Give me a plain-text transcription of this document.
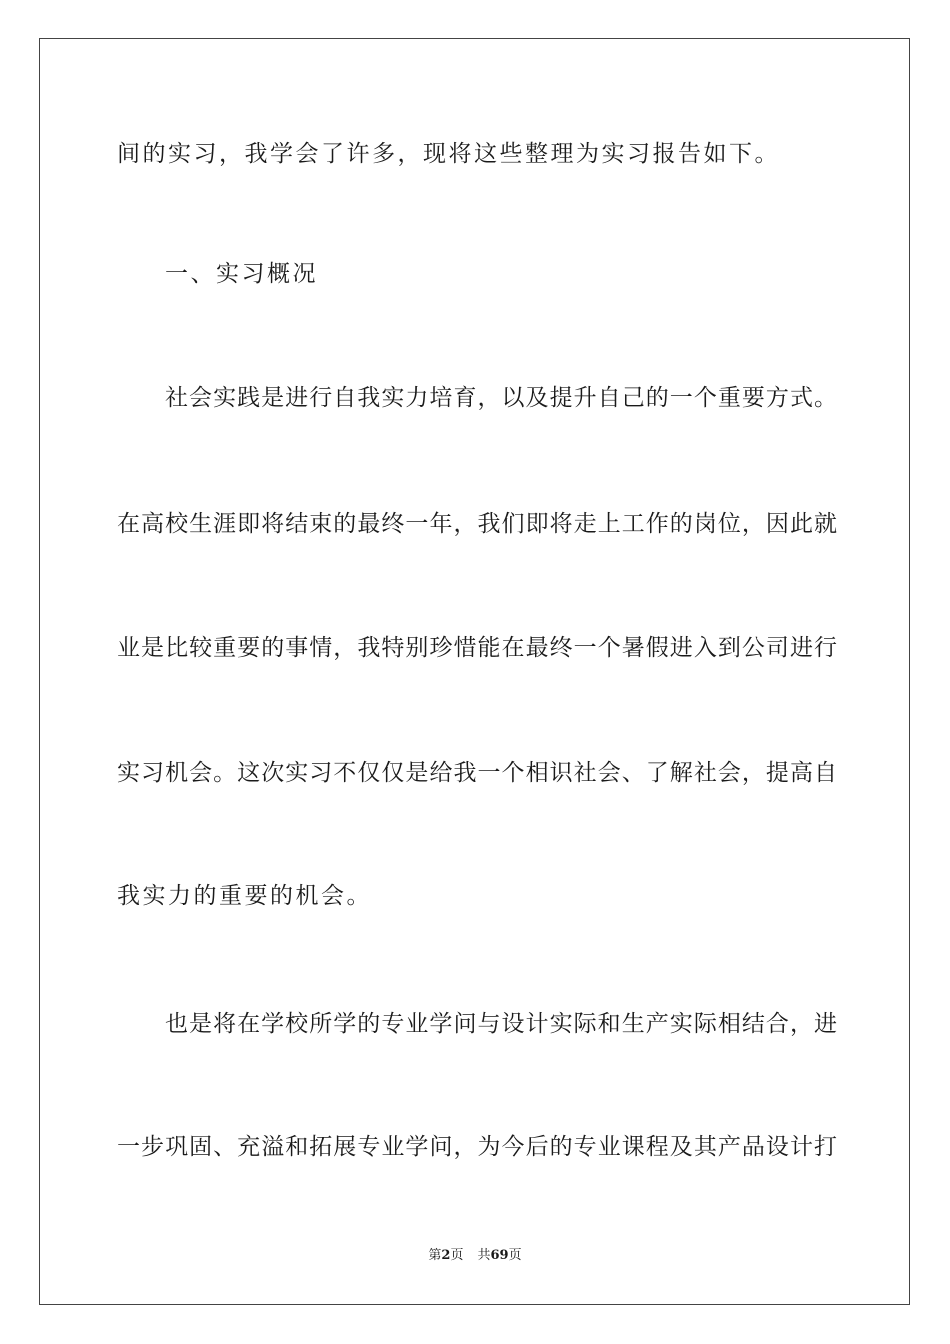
间的实习，我学会了许多，现将这些整理为实习报告如下。
一、实习概况
社会实践是进行自我实力培育，以及提升自己的一个重要方式。
在高校生涯即将结束的最终一年，我们即将走上工作的岗位，因此就
业是比较重要的事情，我特别珍惜能在最终一个暑假进入到公司进行
实习机会。这次实习不仅仅是给我一个相识社会、了解社会，提高自
我实力的重要的机会。
也是将在学校所学的专业学问与设计实际和生产实际相结合，进
一步巩固、充溢和拓展专业学问，为今后的专业课程及其产品设计打
第2页 共69页
